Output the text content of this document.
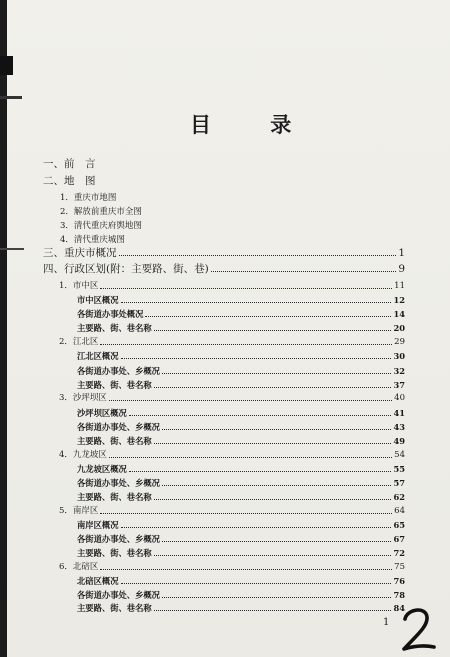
目 录
一、前　言
二、地　图
1．重庆市地图
2．解放前重庆市全图
3．清代重庆府舆地图
4．清代重庆城图
三、重庆市概况	1
四、行政区划(附：主要路、街、巷)	9
1．市中区	11
市中区概况	12
各街道办事处概况	14
主要路、街、巷名称	20
2．江北区	29
江北区概况	30
各街道办事处、乡概况	32
主要路、街、巷名称	37
3．沙坪坝区	40
沙坪坝区概况	41
各街道办事处、乡概况	43
主要路、街、巷名称	49
4．九龙坡区	54
九龙坡区概况	55
各街道办事处、乡概况	57
主要路、街、巷名称	62
5．南岸区	64
南岸区概况	65
各街道办事处、乡概况	67
主要路、街、巷名称	72
6．北碚区	75
北碚区概况	76
各街道办事处、乡概况	78
主要路、街、巷名称	84
1
